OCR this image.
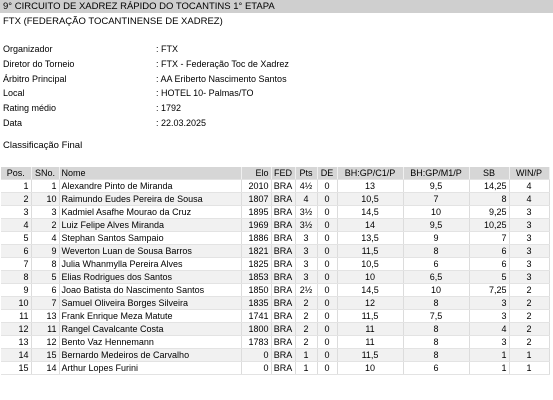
9° CIRCUITO DE XADREZ RÁPIDO DO TOCANTINS 1° ETAPA
FTX (FEDERAÇÃO TOCANTINENSE DE XADREZ)
Organizador	: FTX
Diretor do Torneio	: FTX - Federação Toc de Xadrez
Árbitro Principal	: AA Eriberto Nascimento Santos
Local	: HOTEL 10- Palmas/TO
Rating médio	: 1792
Data	: 22.03.2025
Classificação Final
Pos.	SNo.	Nome	Elo	FED	Pts	DE	BH:GP/C1/P	BH:GP/M1/P	SB	WIN/P
1	1	Alexandre Pinto de Miranda	2010	BRA	4½	0	13	9,5	14,25	4
2	10	Raimundo Eudes Pereira de Sousa	1807	BRA	4	0	10,5	7	8	4
3	3	Kadmiel Asafhe Mourao da Cruz	1895	BRA	3½	0	14,5	10	9,25	3
4	2	Luiz Felipe Alves Miranda	1969	BRA	3½	0	14	9,5	10,25	3
5	4	Stephan Santos Sampaio	1886	BRA	3	0	13,5	9	7	3
6	9	Weverton Luan de Sousa Barros	1821	BRA	3	0	11,5	8	6	3
7	8	Julia Whanmylla Pereira Alves	1825	BRA	3	0	10,5	6	6	3
8	5	Elias Rodrigues dos Santos	1853	BRA	3	0	10	6,5	5	3
9	6	Joao Batista do Nascimento Santos	1850	BRA	2½	0	14,5	10	7,25	2
10	7	Samuel Oliveira Borges Silveira	1835	BRA	2	0	12	8	3	2
11	13	Frank Enrique Meza Matute	1741	BRA	2	0	11,5	7,5	3	2
12	11	Rangel Cavalcante Costa	1800	BRA	2	0	11	8	4	2
13	12	Bento Vaz Hennemann	1783	BRA	2	0	11	8	3	2
14	15	Bernardo Medeiros de Carvalho	0	BRA	1	0	11,5	8	1	1
15	14	Arthur Lopes Furini	0	BRA	1	0	10	6	1	1
